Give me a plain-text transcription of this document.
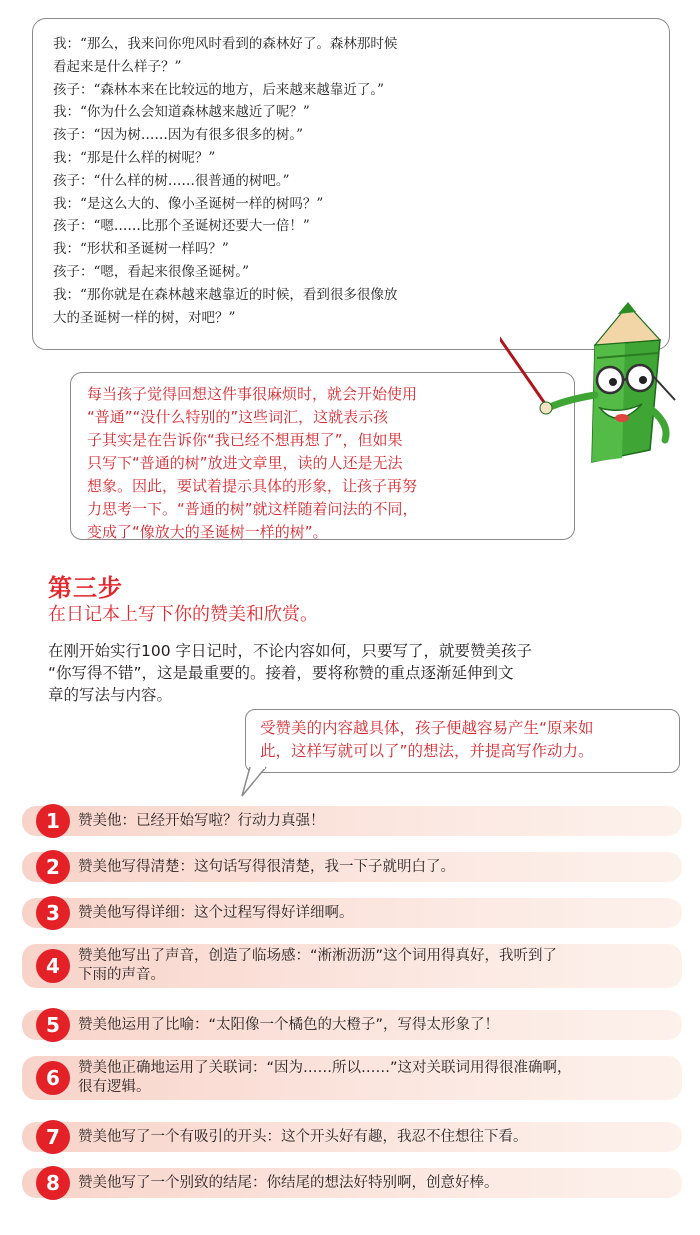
我：“那么，我来问你兜风时看到的森林好了。森林那时候
看起来是什么样子？”
孩子：“森林本来在比较远的地方，后来越来越靠近了。”
我：“你为什么会知道森林越来越近了呢？”
孩子：“因为树……因为有很多很多的树。”
我：“那是什么样的树呢？”
孩子：“什么样的树……很普通的树吧。”
我：“是这么大的、像小圣诞树一样的树吗？”
孩子：“嗯……比那个圣诞树还要大一倍！”
我：“形状和圣诞树一样吗？”
孩子：“嗯，看起来很像圣诞树。”
我：“那你就是在森林越来越靠近的时候，看到很多很像放
大的圣诞树一样的树，对吧？”
每当孩子觉得回想这件事很麻烦时，就会开始使用
“普通”“没什么特别的”这些词汇，这就表示孩
子其实是在告诉你“我已经不想再想了”，但如果
只写下“普通的树”放进文章里，读的人还是无法
想象。因此，要试着提示具体的形象，让孩子再努
力思考一下。“普通的树”就这样随着问法的不同，
变成了“像放大的圣诞树一样的树”。
第三步
在日记本上写下你的赞美和欣赏。
在刚开始实行100 字日记时，不论内容如何，只要写了，就要赞美孩子
“你写得不错”，这是最重要的。接着，要将称赞的重点逐渐延伸到文
章的写法与内容。
受赞美的内容越具体，孩子便越容易产生“原来如
此，这样写就可以了”的想法，并提高写作动力。
1	赞美他：已经开始写啦？行动力真强！
2	赞美他写得清楚：这句话写得很清楚，我一下子就明白了。
3	赞美他写得详细：这个过程写得好详细啊。
4	赞美他写出了声音，创造了临场感：“淅淅沥沥”这个词用得真好，我听到了
下雨的声音。
5	赞美他运用了比喻：“太阳像一个橘色的大橙子”，写得太形象了！
6	赞美他正确地运用了关联词：“因为……所以……”这对关联词用得很准确啊，
很有逻辑。
7	赞美他写了一个有吸引的开头：这个开头好有趣，我忍不住想往下看。
8	赞美他写了一个别致的结尾：你结尾的想法好特别啊，创意好棒。
